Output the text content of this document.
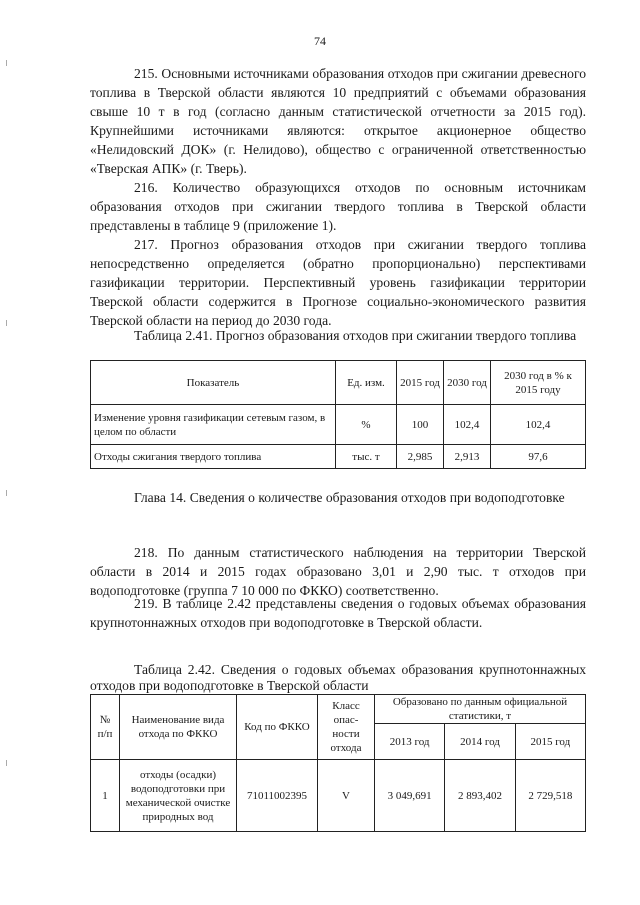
74

215. Основными источниками образования отходов при сжигании древесного топлива в Тверской области являются 10 предприятий с объемами образования свыше 10 т в год (согласно данным статистической отчетности за 2015 год). Крупнейшими источниками являются: открытое акционерное общество «Нелидовский ДОК» (г. Нелидово), общество с ограниченной ответственностью «Тверская АПК» (г. Тверь).

216. Количество образующихся отходов по основным источникам образования отходов при сжигании твердого топлива в Тверской области представлены в таблице 9 (приложение 1).

217. Прогноз образования отходов при сжигании твердого топлива непосредственно определяется (обратно пропорционально) перспективами газификации территории. Перспективный уровень газификации территории Тверской области содержится в Прогнозе социально-экономического развития Тверской области на период до 2030 года.

Таблица 2.41. Прогноз образования отходов при сжигании твердого топлива

Показатель	Ед. изм.	2015 год	2030 год	2030 год в % к 2015 году
Изменение уровня газификации сетевым газом, в целом по области	%	100	102,4	102,4
Отходы сжигания твердого топлива	тыс. т	2,985	2,913	97,6

Глава 14. Сведения о количестве образования отходов при водоподготовке

218. По данным статистического наблюдения на территории Тверской области в 2014 и 2015 годах образовано 3,01 и 2,90 тыс. т отходов при водоподготовке (группа 7 10 000 по ФККО) соответственно.

219. В таблице 2.42 представлены сведения о годовых объемах образования крупнотоннажных отходов при водоподготовке в Тверской области.

Таблица 2.42. Сведения о годовых объемах образования крупнотоннажных отходов при водоподготовке в Тверской области

№ п/п	Наименование вида отхода по ФККО	Код по ФККО	Класс опас-ности отхода	Образовано по данным официальной статистики, т		
				2013 год	2014 год	2015 год
1	отходы (осадки) водоподготовки при механической очистке природных вод	71011002395	V	3 049,691	2 893,402	2 729,518
